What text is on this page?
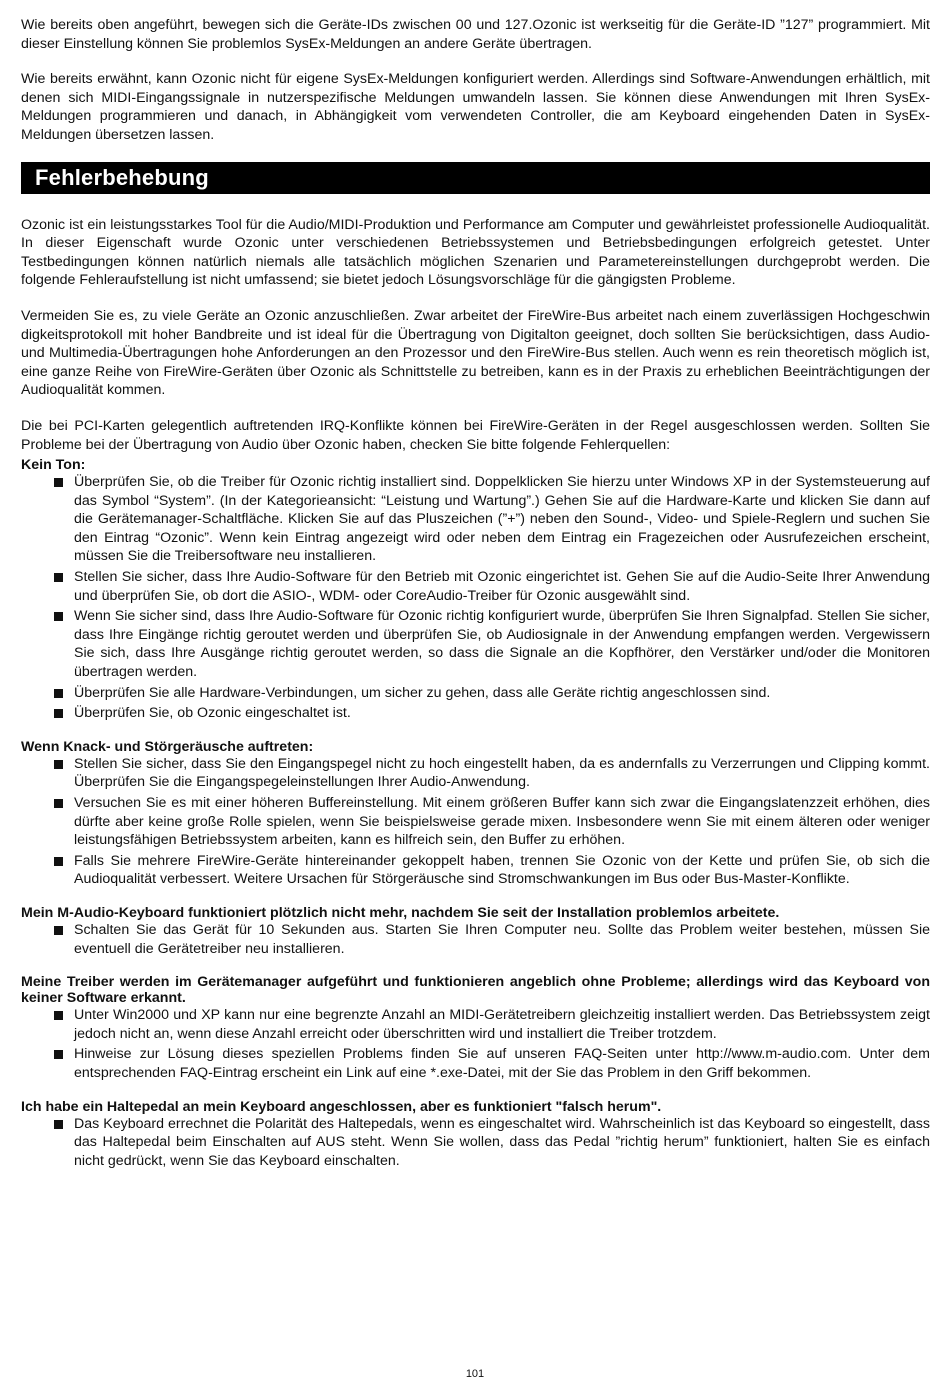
Wie bereits oben angeführt, bewegen sich die Geräte-IDs zwischen 00 und 127.Ozonic ist werkseitig für die Geräte-ID ”127” programmiert. Mit dieser Einstellung können Sie problemlos SysEx-Meldungen an andere Geräte übertragen.

Wie bereits erwähnt, kann Ozonic nicht für eigene SysEx-Meldungen konfiguriert werden. Allerdings sind Software-Anwendungen erhältlich, mit denen sich MIDI-Eingangssignale in nutzerspezifische Meldungen umwandeln lassen. Sie können diese Anwendungen mit Ihren SysEx-Meldungen programmieren und danach, in Abhängigkeit vom verwendeten Controller, die am Keyboard eingehenden Daten in SysEx-Meldungen übersetzen lassen.

Fehlerbehebung

Ozonic ist ein leistungsstarkes Tool für die Audio/MIDI-Produktion und Performance am Computer und gewährleistet professionelle Audioqualität. In dieser Eigenschaft wurde Ozonic unter verschiedenen Betriebssystemen und Betriebsbedingungen erfolgreich getestet. Unter Testbedingungen können natürlich niemals alle tatsächlich möglichen Szenarien und Parametereinstellungen durchgeprobt werden. Die folgende Fehleraufstellung ist nicht umfassend; sie bietet jedoch Lösungsvorschläge für die gängigsten Probleme.

Vermeiden Sie es, zu viele Geräte an Ozonic anzuschließen. Zwar arbeitet der FireWire-Bus arbeitet nach einem zuverlässigen Hochgeschwin digkeitsprotokoll mit hoher Bandbreite und ist ideal für die Übertragung von Digitalton geeignet, doch sollten Sie berücksichtigen, dass Audio- und Multimedia-Übertragungen hohe Anforderungen an den Prozessor und den FireWire-Bus stellen. Auch wenn es rein theoretisch möglich ist, eine ganze Reihe von FireWire-Geräten über Ozonic als Schnittstelle zu betreiben, kann es in der Praxis zu erheblichen Beeinträchtigungen der Audioqualität kommen.

Die bei PCI-Karten gelegentlich auftretenden IRQ-Konflikte können bei FireWire-Geräten in der Regel ausgeschlossen werden. Sollten Sie Probleme bei der Übertragung von Audio über Ozonic haben, checken Sie bitte folgende Fehlerquellen:

Kein Ton:

Überprüfen Sie, ob die Treiber für Ozonic richtig installiert sind. Doppelklicken Sie hierzu unter Windows XP in der Systemsteuerung auf das Symbol “System”. (In der Kategorieansicht: “Leistung und Wartung”.) Gehen Sie auf die Hardware-Karte und klicken Sie dann auf die Gerätemanager-Schaltfläche. Klicken Sie auf das Pluszeichen (”+”) neben den Sound-, Video- und Spiele-Reglern und suchen Sie den Eintrag “Ozonic”. Wenn kein Eintrag angezeigt wird oder neben dem Eintrag ein Fragezeichen oder Ausrufezeichen erscheint, müssen Sie die Treibersoftware neu installieren.
Stellen Sie sicher, dass Ihre Audio-Software für den Betrieb mit Ozonic eingerichtet ist. Gehen Sie auf die Audio-Seite Ihrer Anwendung und überprüfen Sie, ob dort die ASIO-, WDM- oder CoreAudio-Treiber für Ozonic ausgewählt sind.
Wenn Sie sicher sind, dass Ihre Audio-Software für Ozonic richtig konfiguriert wurde, überprüfen Sie Ihren Signalpfad. Stellen Sie sicher, dass Ihre Eingänge richtig geroutet werden und überprüfen Sie, ob Audiosignale in der Anwendung empfangen werden. Vergewissern Sie sich, dass Ihre Ausgänge richtig geroutet werden, so dass die Signale an die Kopfhörer, den Verstärker und/oder die Monitoren übertragen werden.
Überprüfen Sie alle Hardware-Verbindungen, um sicher zu gehen, dass alle Geräte richtig angeschlossen sind.
Überprüfen Sie, ob Ozonic eingeschaltet ist.

Wenn Knack- und Störgeräusche auftreten:

Stellen Sie sicher, dass Sie den Eingangspegel nicht zu hoch eingestellt haben, da es andernfalls zu Verzerrungen und Clipping kommt. Überprüfen Sie die Eingangspegeleinstellungen Ihrer Audio-Anwendung.
Versuchen Sie es mit einer höheren Buffereinstellung. Mit einem größeren Buffer kann sich zwar die Eingangslatenzzeit erhöhen, dies dürfte aber keine große Rolle spielen, wenn Sie beispielsweise gerade mixen. Insbesondere wenn Sie mit einem älteren oder weniger leistungsfähigen Betriebssystem arbeiten, kann es hilfreich sein, den Buffer zu erhöhen.
Falls Sie mehrere FireWire-Geräte hintereinander gekoppelt haben, trennen Sie Ozonic von der Kette und prüfen Sie, ob sich die Audioqualität verbessert. Weitere Ursachen für Störgeräusche sind Stromschwankungen im Bus oder Bus-Master-Konflikte.

Mein M-Audio-Keyboard funktioniert plötzlich nicht mehr, nachdem Sie seit der Installation problemlos arbeitete.

Schalten Sie das Gerät für 10 Sekunden aus. Starten Sie Ihren Computer neu. Sollte das Problem weiter bestehen, müssen Sie eventuell die Gerätetreiber neu installieren.

Meine Treiber werden im Gerätemanager aufgeführt und funktionieren angeblich ohne Probleme; allerdings wird das Keyboard von keiner Software erkannt.

Unter Win2000 und XP kann nur eine begrenzte Anzahl an MIDI-Gerätetreibern gleichzeitig installiert werden. Das Betriebssystem zeigt jedoch nicht an, wenn diese Anzahl erreicht oder überschritten wird und installiert die Treiber trotzdem.
Hinweise zur Lösung dieses speziellen Problems finden Sie auf unseren FAQ-Seiten unter http://www.m-audio.com. Unter dem entsprechenden FAQ-Eintrag erscheint ein Link auf eine *.exe-Datei, mit der Sie das Problem in den Griff bekommen.

Ich habe ein Haltepedal an mein Keyboard angeschlossen, aber es funktioniert "falsch herum".

Das Keyboard errechnet die Polarität des Haltepedals, wenn es eingeschaltet wird. Wahrscheinlich ist das Keyboard so eingestellt, dass das Haltepedal beim Einschalten auf AUS steht. Wenn Sie wollen, dass das Pedal ”richtig herum” funktioniert, halten Sie es einfach nicht gedrückt, wenn Sie das Keyboard einschalten.
101
